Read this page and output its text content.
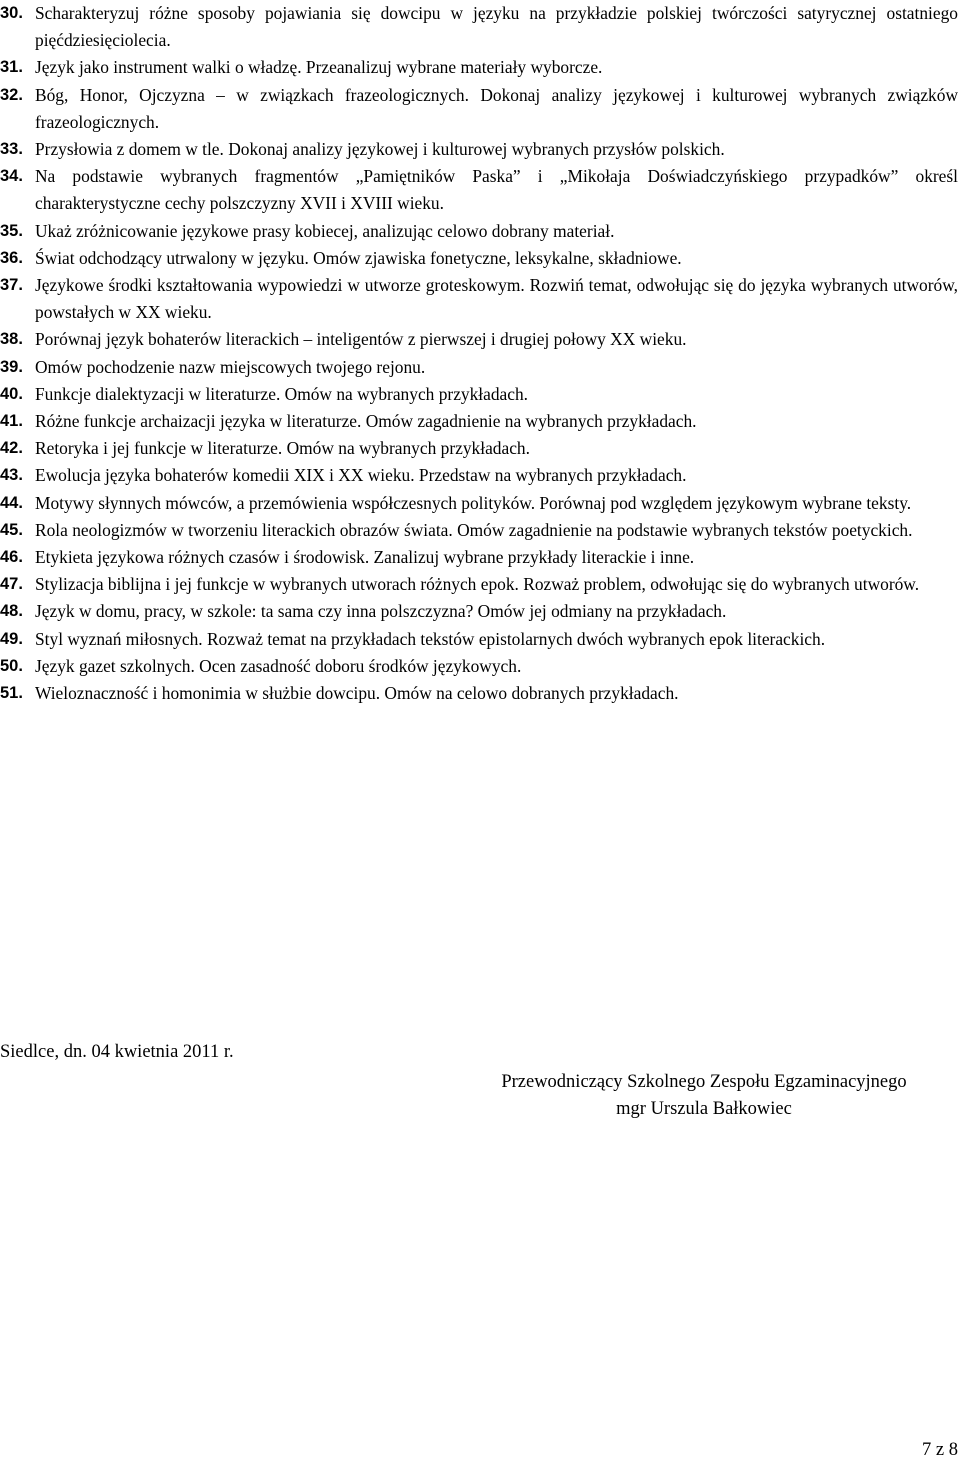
30. Scharakteryzuj różne sposoby pojawiania się dowcipu w języku na przykładzie polskiej twórczości satyrycznej ostatniego pięćdziesięciolecia.
31. Język jako instrument walki o władzę. Przeanalizuj wybrane materiały wyborcze.
32. Bóg, Honor, Ojczyzna – w związkach frazeologicznych. Dokonaj analizy językowej i kulturowej wybranych związków frazeologicznych.
33. Przysłowia z domem w tle. Dokonaj analizy językowej i kulturowej wybranych przysłów polskich.
34. Na podstawie wybranych fragmentów „Pamiętników Paska” i „Mikołaja Doświadczyńskiego przypadków” określ charakterystyczne cechy polszczyzny XVII i XVIII wieku.
35. Ukaż zróżnicowanie językowe prasy kobiecej, analizując celowo dobrany materiał.
36. Świat odchodzący utrwalony w języku. Omów zjawiska fonetyczne, leksykalne, składniowe.
37. Językowe środki kształtowania wypowiedzi w utworze groteskowym. Rozwiń temat, odwołując się do języka wybranych utworów, powstałych w XX wieku.
38. Porównaj język bohaterów literackich – inteligentów z pierwszej i drugiej połowy XX wieku.
39. Omów pochodzenie nazw miejscowych twojego rejonu.
40. Funkcje dialektyzacji w literaturze. Omów na wybranych przykładach.
41. Różne funkcje archaizacji języka w literaturze. Omów zagadnienie na wybranych przykładach.
42. Retoryka i jej funkcje w literaturze. Omów na wybranych przykładach.
43. Ewolucja języka bohaterów komedii XIX i XX wieku. Przedstaw na wybranych przykładach.
44. Motywy słynnych mówców, a przemówienia współczesnych polityków. Porównaj pod względem językowym wybrane teksty.
45. Rola neologizmów w tworzeniu literackich obrazów świata. Omów zagadnienie na podstawie wybranych tekstów poetyckich.
46. Etykieta językowa różnych czasów i środowisk. Zanalizuj wybrane przykłady literackie i inne.
47. Stylizacja biblijna i jej funkcje w wybranych utworach różnych epok. Rozważ problem, odwołując się do wybranych utworów.
48. Język w domu, pracy, w szkole: ta sama czy inna polszczyzna? Omów jej odmiany na przykładach.
49. Styl wyznań miłosnych. Rozważ temat na przykładach tekstów epistolarnych dwóch wybranych epok literackich.
50. Język gazet szkolnych. Ocen zasadność doboru środków językowych.
51. Wieloznaczność i homonimia w służbie dowcipu. Omów na celowo dobranych przykładach.
Siedlce, dn. 04 kwietnia 2011 r.
Przewodniczący Szkolnego Zespołu Egzaminacyjnego
mgr Urszula Bałkowiec
7 z 8
